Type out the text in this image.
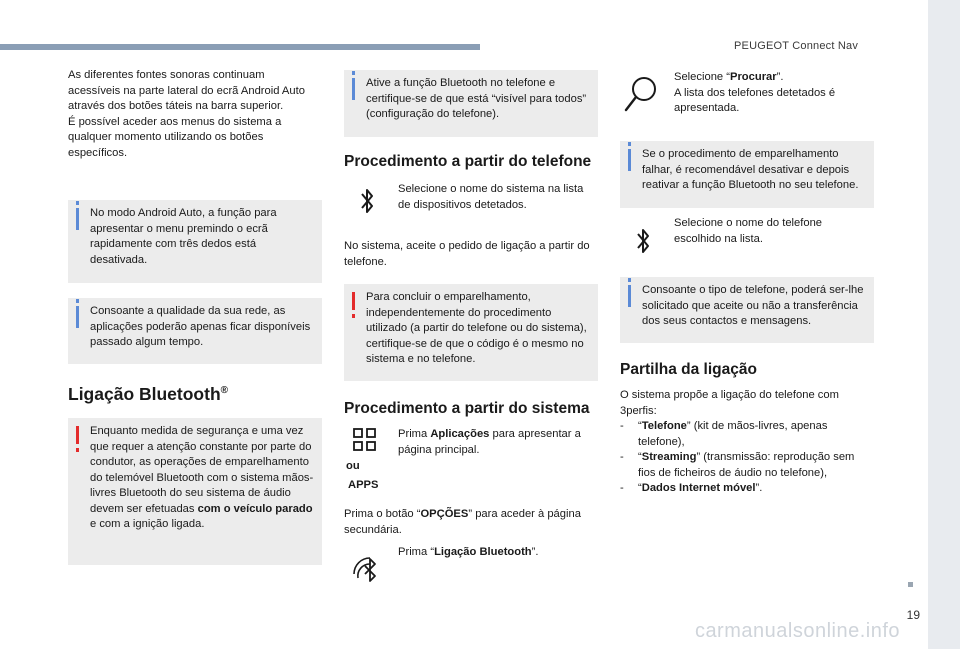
PEUGEOT Connect Nav

As diferentes fontes sonoras continuam acessíveis na parte lateral do ecrã Android Auto através dos botões táteis na barra superior.
É possível aceder aos menus do sistema a qualquer momento utilizando os botões específicos.

No modo Android Auto, a função para apresentar o menu premindo o ecrã rapidamente com três dedos está desativada.
Consoante a qualidade da sua rede, as aplicações poderão apenas ficar disponíveis passado algum tempo.
Ligação Bluetooth®
Enquanto medida de segurança e uma vez que requer a atenção constante por parte do condutor, as operações de emparelhamento do telemóvel Bluetooth com o sistema mãos-livres Bluetooth do seu sistema de áudio devem ser efetuadas com o veículo parado e com a ignição ligada.
Ative a função Bluetooth no telefone e certifique-se de que está “visível para todos” (configuração do telefone).
Procedimento a partir do telefone

Selecione o nome do sistema na lista de dispositivos detetados.

No sistema, aceite o pedido de ligação a partir do telefone.

Para concluir o emparelhamento, independentemente do procedimento utilizado (a partir do telefone ou do sistema), certifique-se de que o código é o mesmo no sistema e no telefone.
Procedimento a partir do sistema
ou
APPS

Prima Aplicações para apresentar a página principal.

Prima o botão “OPÇÕES” para aceder à página secundária.

Prima “Ligação Bluetooth”.

Selecione “Procurar”.
A lista dos telefones detetados é apresentada.

Se o procedimento de emparelhamento falhar, é recomendável desativar e depois reativar a função Bluetooth no seu telefone.

Selecione o nome do telefone escolhido na lista.

Consoante o tipo de telefone, poderá ser-lhe solicitado que aceite ou não a transferência dos seus contactos e mensagens.
Partilha da ligação

O sistema propõe a ligação do telefone com 3perfis:

- “Telefone” (kit de mãos-livres, apenas telefone),
- “Streaming” (transmissão: reprodução sem fios de ficheiros de áudio no telefone),
- “Dados Internet móvel”.
19
carmanualsonline.info
